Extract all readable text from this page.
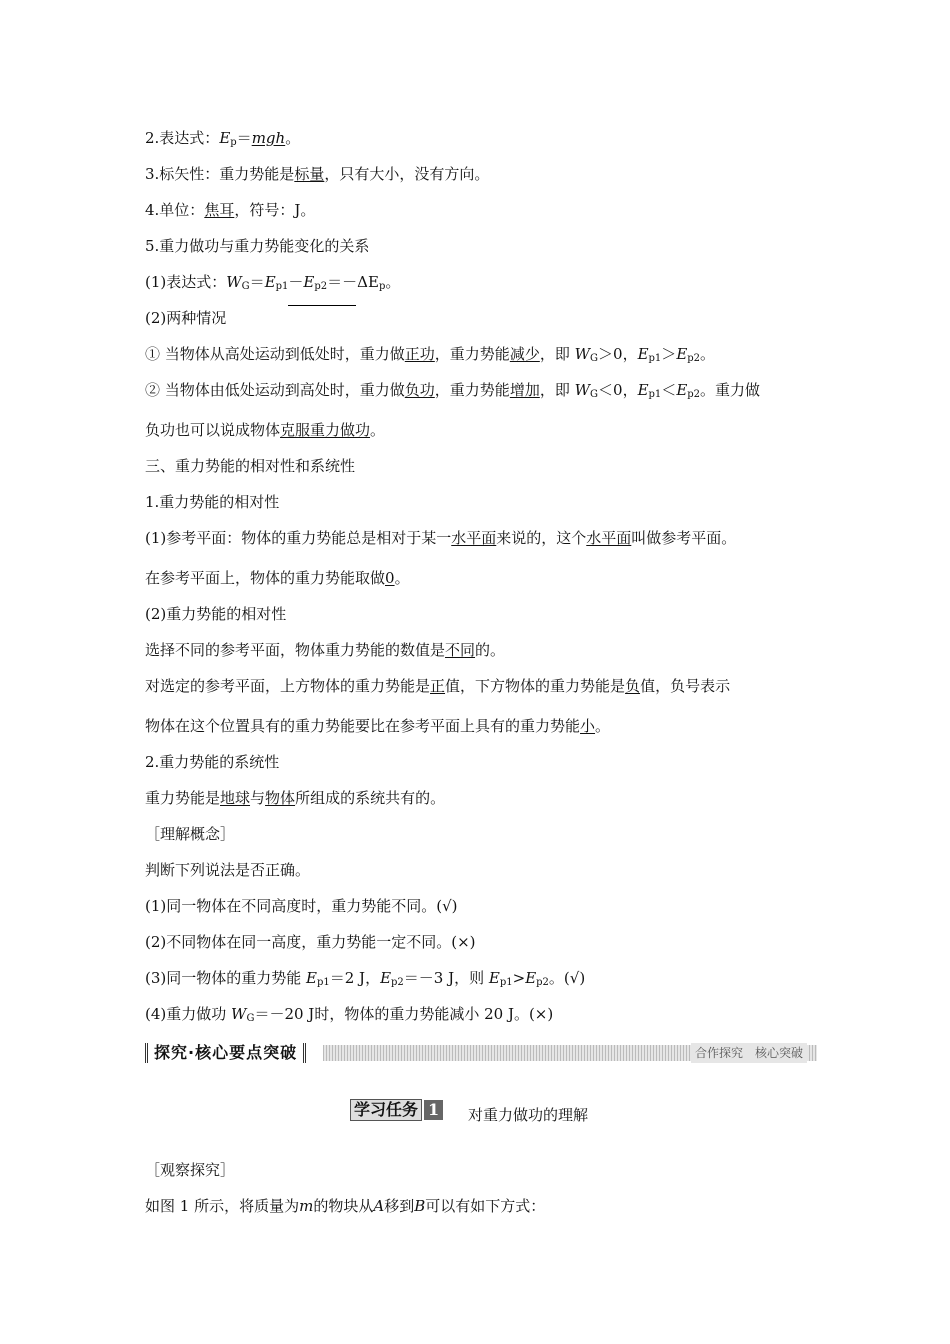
2.表达式：Ep＝mgh。
3.标矢性：重力势能是标量，只有大小，没有方向。
4.单位：焦耳，符号：J。
5.重力做功与重力势能变化的关系
(1)表达式：WG＝Ep1－Ep2＝－ΔEp。
(2)两种情况
① 当物体从高处运动到低处时，重力做正功，重力势能减少，即 WG＞0，Ep1＞Ep2。
② 当物体由低处运动到高处时，重力做负功，重力势能增加，即 WG＜0，Ep1＜Ep2。重力做
负功也可以说成物体克服重力做功。
三、重力势能的相对性和系统性
1.重力势能的相对性
(1)参考平面：物体的重力势能总是相对于某一水平面来说的，这个水平面叫做参考平面。
在参考平面上，物体的重力势能取做0。
(2)重力势能的相对性
选择不同的参考平面，物体重力势能的数值是不同的。
对选定的参考平面，上方物体的重力势能是正值，下方物体的重力势能是负值，负号表示
物体在这个位置具有的重力势能要比在参考平面上具有的重力势能小。
2.重力势能的系统性
重力势能是地球与物体所组成的系统共有的。
［理解概念］
判断下列说法是否正确。
(1)同一物体在不同高度时，重力势能不同。(√)
(2)不同物体在同一高度，重力势能一定不同。(×)
(3)同一物体的重力势能 Ep1＝2 J，Ep2＝－3 J，则 Ep1>Ep2。(√)
(4)重力做功 WG＝－20 J时，物体的重力势能减小 20 J。(×)
探究·核心要点突破	合作探究　核心突破
学习任务 1 对重力做功的理解
［观察探究］
如图 1 所示，将质量为m的物块从A移到B可以有如下方式：
